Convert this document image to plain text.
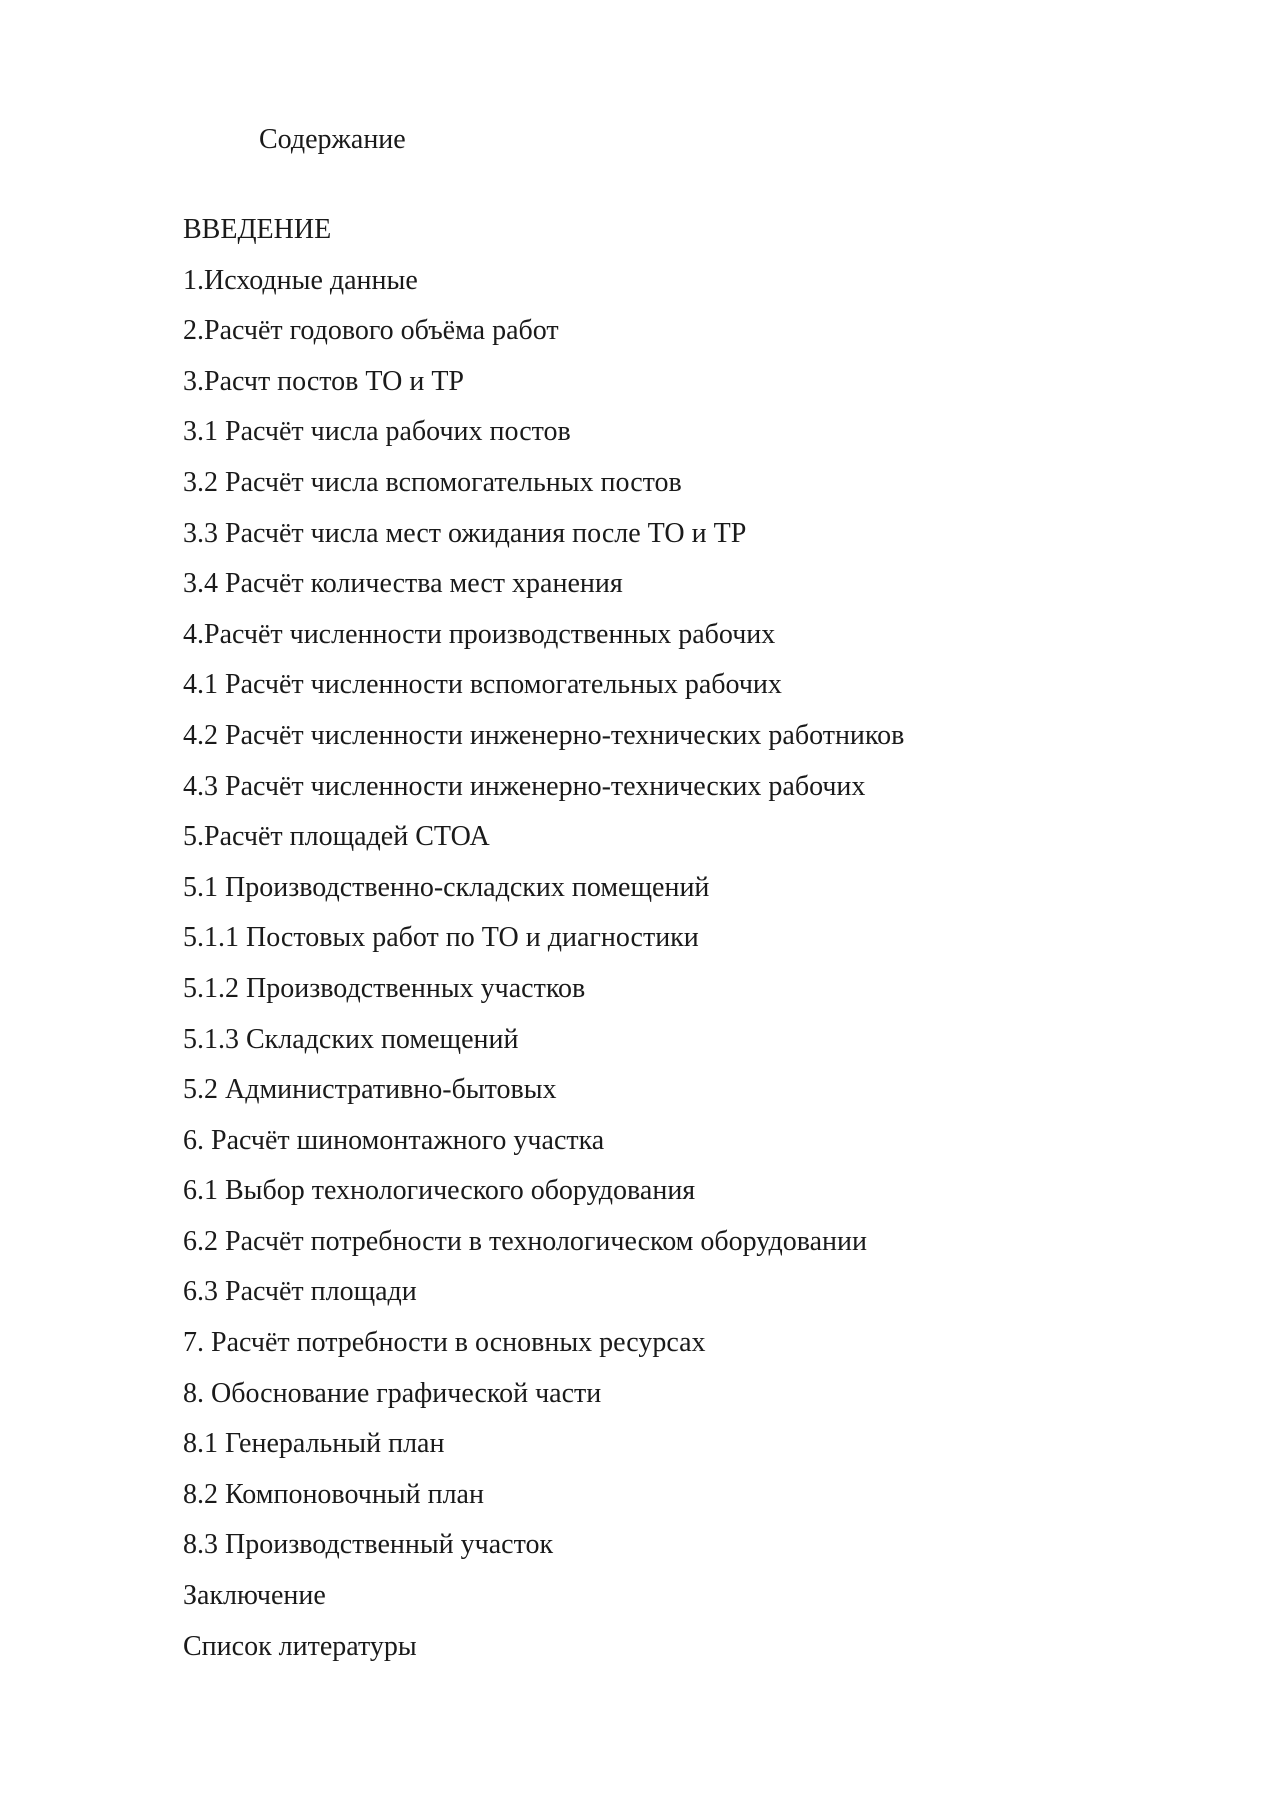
Содержание
ВВЕДЕНИЕ
1.Исходные данные
2.Расчёт годового объёма работ
3.Расчт постов ТО и ТР
3.1 Расчёт числа рабочих постов
3.2 Расчёт числа вспомогательных постов
3.3 Расчёт числа мест ожидания после ТО и ТР
3.4 Расчёт количества мест хранения
4.Расчёт численности производственных рабочих
4.1 Расчёт численности вспомогательных рабочих
4.2 Расчёт численности инженерно-технических работников
4.3 Расчёт численности инженерно-технических рабочих
5.Расчёт площадей СТОА
5.1 Производственно-складских помещений
5.1.1 Постовых работ по ТО и диагностики
5.1.2 Производственных участков
5.1.3 Складских помещений
5.2 Административно-бытовых
6. Расчёт шиномонтажного участка
6.1 Выбор технологического оборудования
6.2 Расчёт потребности в технологическом оборудовании
6.3 Расчёт площади
7. Расчёт потребности в основных ресурсах
8. Обоснование графической части
8.1 Генеральный план
8.2 Компоновочный план
8.3 Производственный участок
Заключение
Список литературы
